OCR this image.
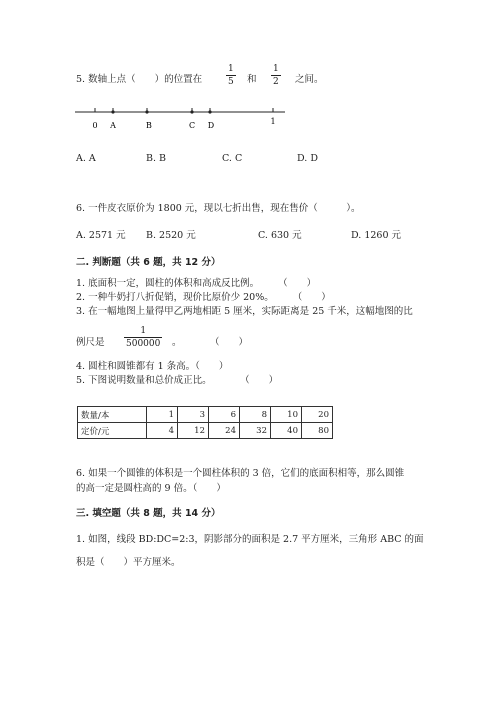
5. 数轴上点（　　）的位置在
1
5 和
1
2 之间。
0 A	B	C D	1
A. A	B. B	C. C	D. D
6. 一件皮衣原价为 1800 元，现以七折出售，现在售价（　　　）。
A. 2571 元 B. 2520 元	C. 630 元	D. 1260 元
二. 判断题（共 6 题，共 12 分）
1. 底面积一定，圆柱的体积和高成反比例。　　　（　　）
2. 一种牛奶打八折促销，现价比原价少 20%。　　　（　　）
3. 在一幅地图上量得甲乙两地相距 5 厘米，实际距离是 25 千米，这幅地图的比
例尺是
1
500000 。　　　　（　　）
4. 圆柱和圆锥都有 1 条高。（　　）
5. 下图说明数量和总价成正比。　　　　（　　）
数量/本	1	3	6	8	10	20
定价/元	4	12	24	32	40	80
6. 如果一个圆锥的体积是一个圆柱体积的 3 倍，它们的底面积相等，那么圆锥
的高一定是圆柱高的 9 倍。（　　）
三. 填空题（共 8 题，共 14 分）
1. 如图，线段 BD:DC=2:3，阴影部分的面积是 2.7 平方厘米，三角形 ABC 的面
积是（　　）平方厘米。
